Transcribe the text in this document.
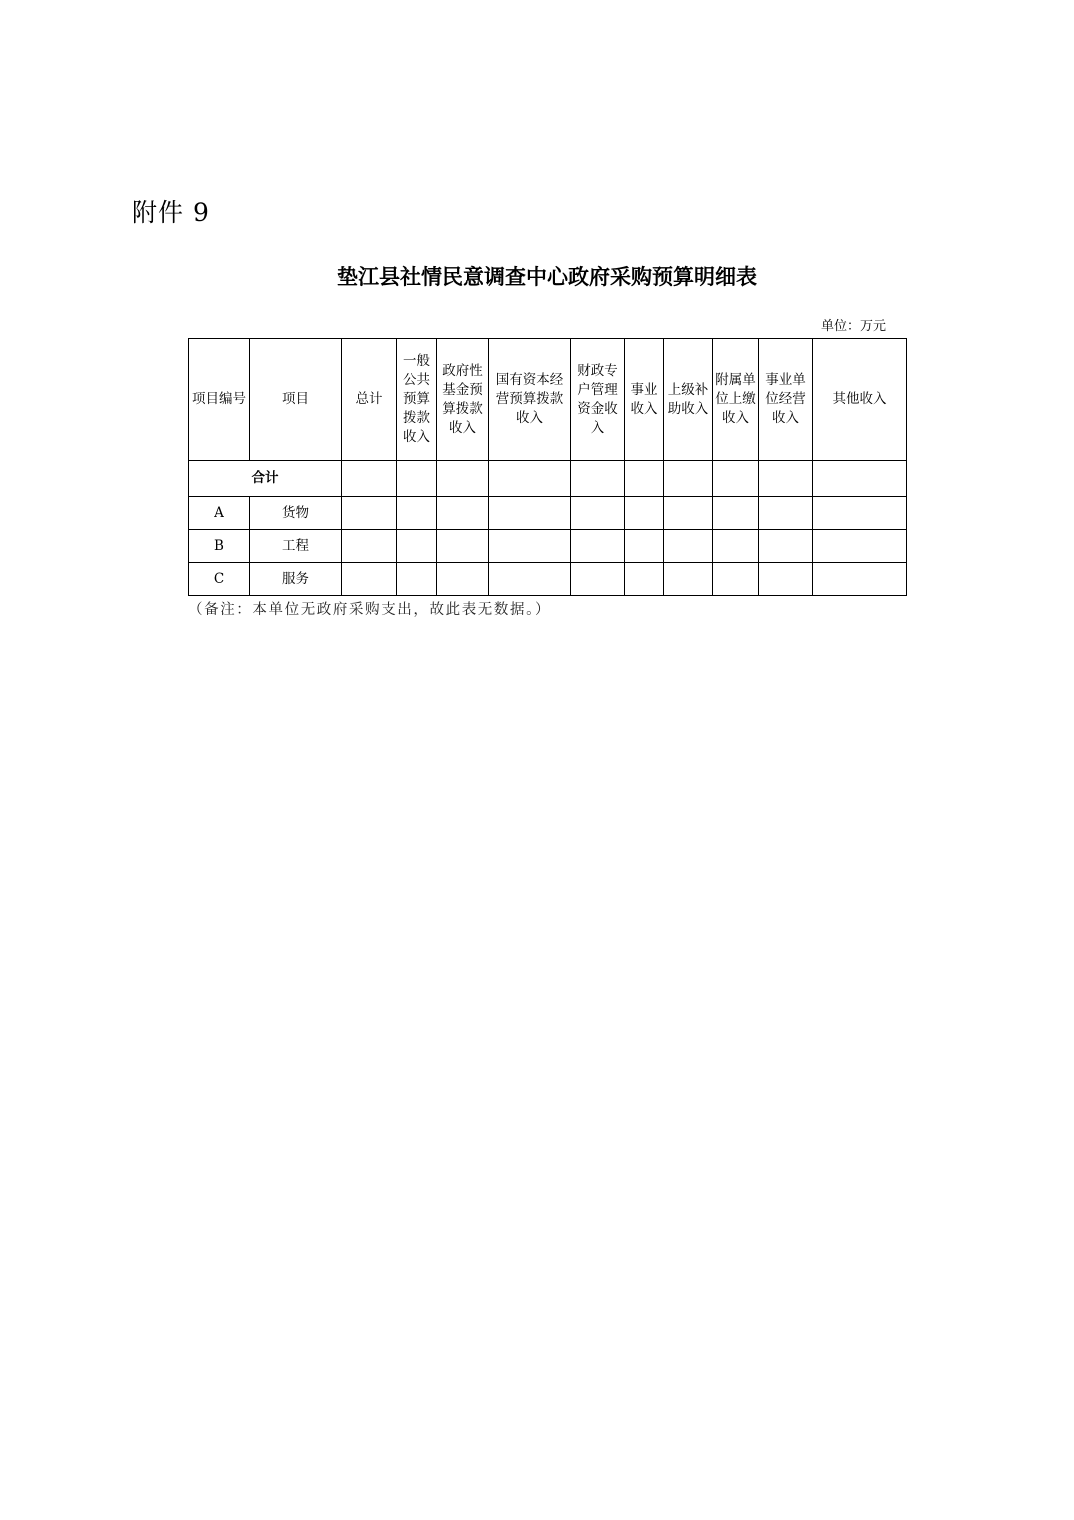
附件 9
垫江县社情民意调查中心政府采购预算明细表
单位：万元
项目编号	项目	总计	一般公共预算拨款收入	政府性基金预算拨款收入	国有资本经营预算拨款收入	财政专户管理资金收入	事业收入	上级补助收入	附属单位上缴收入	事业单位经营收入	其他收入
合计											
A	货物										
B	工程										
C	服务										
（备注：本单位无政府采购支出，故此表无数据。）
